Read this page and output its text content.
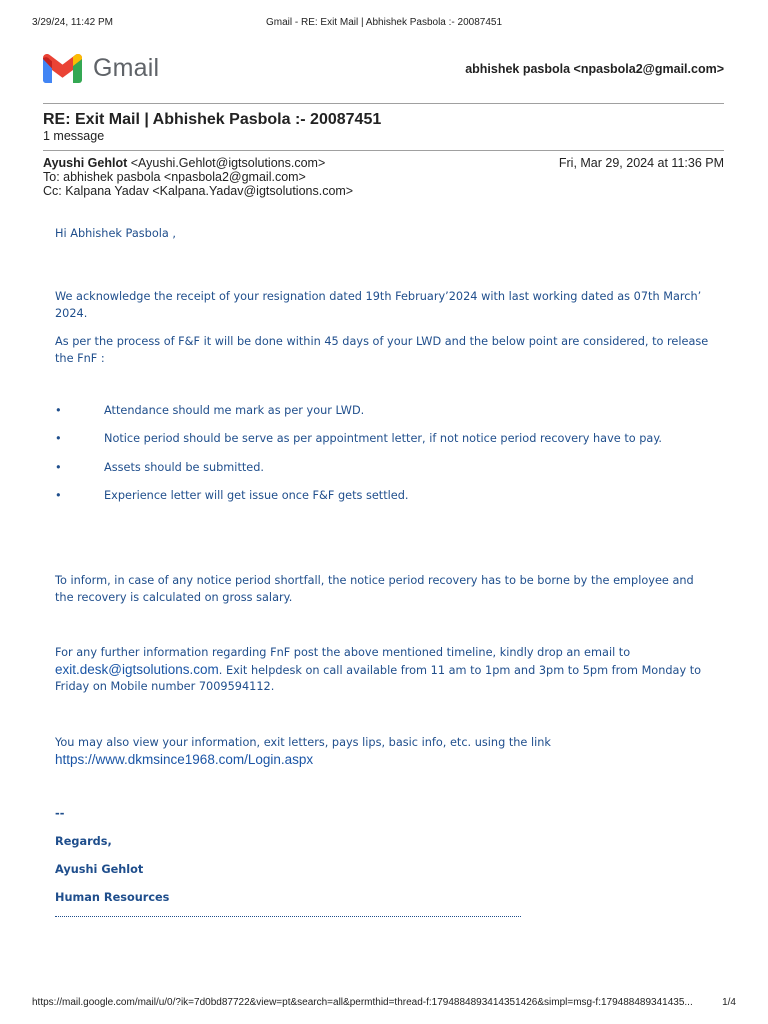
3/29/24, 11:42 PM	Gmail - RE: Exit Mail | Abhishek Pasbola :- 20087451
Gmail	abhishek pasbola <npasbola2@gmail.com>
RE: Exit Mail | Abhishek Pasbola :- 20087451
1 message
Ayushi Gehlot <Ayushi.Gehlot@igtsolutions.com>
To: abhishek pasbola <npasbola2@gmail.com>
Cc: Kalpana Yadav <Kalpana.Yadav@igtsolutions.com>
Fri, Mar 29, 2024 at 11:36 PM
Hi Abhishek Pasbola ,
We acknowledge the receipt of your resignation dated 19th February’2024 with last working dated as 07th March’ 2024.
As per the process of F&F it will be done within 45 days of your LWD and the below point are considered, to release the FnF :
•	Attendance should me mark as per your LWD.
•	Notice period should be serve as per appointment letter, if not notice period recovery have to pay.
•	Assets should be submitted.
•	Experience letter will get issue once F&F gets settled.
To inform, in case of any notice period shortfall, the notice period recovery has to be borne by the employee and the recovery is calculated on gross salary.
For any further information regarding FnF post the above mentioned timeline, kindly drop an email to
exit.desk@igtsolutions.com. Exit helpdesk on call available from 11 am to 1pm and 3pm to 5pm from Monday to Friday on Mobile number 7009594112.
You may also view your information, exit letters, pays lips, basic info, etc. using the link
https://www.dkmsince1968.com/Login.aspx
--
Regards,
Ayushi Gehlot
Human Resources
https://mail.google.com/mail/u/0/?ik=7d0bd87722&view=pt&search=all&permthid=thread-f:1794884893414351426&simpl=msg-f:179488489341435...	1/4
